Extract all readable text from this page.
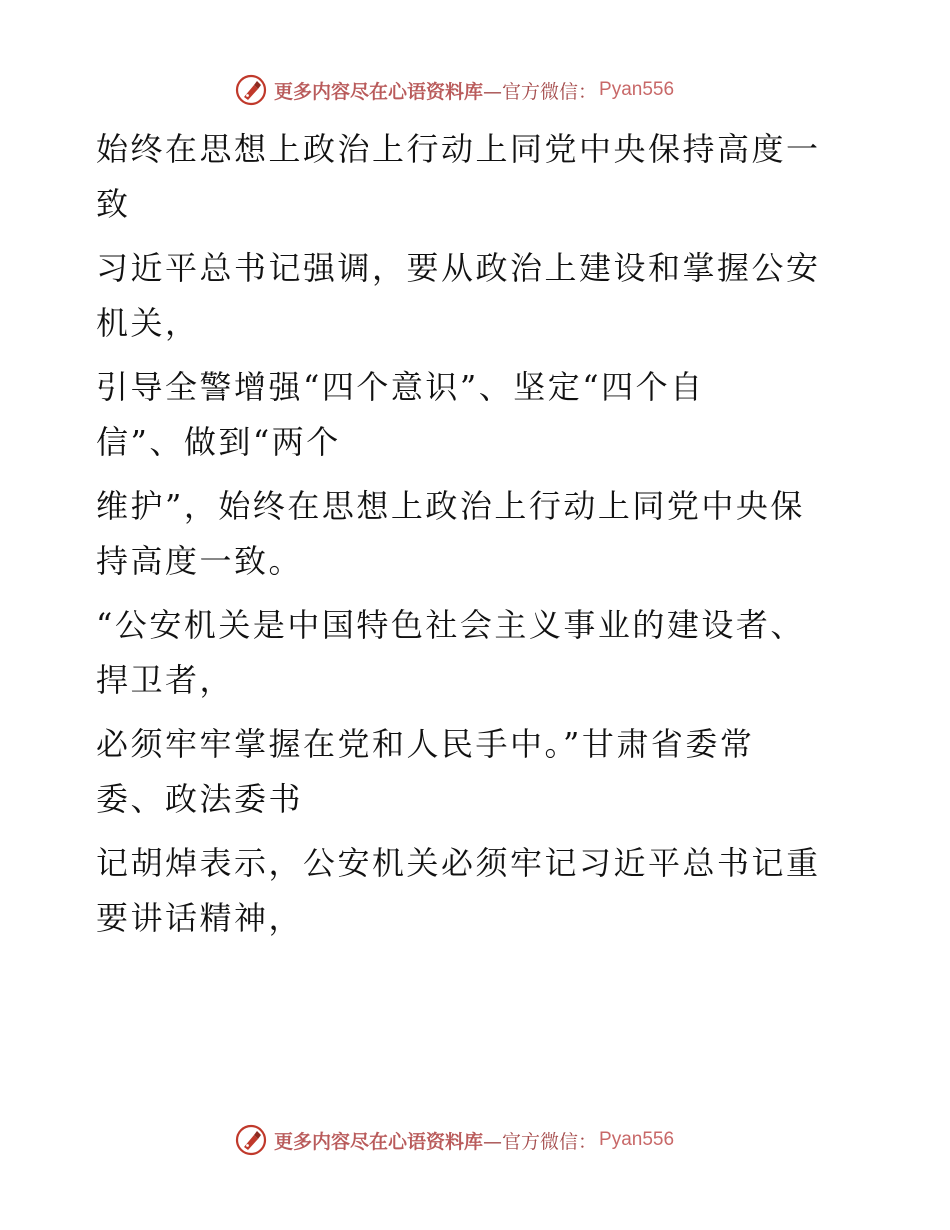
更多内容尽在心语资料库 —官方微信： Pyan556

始终在思想上政治上行动上同党中央保持高度一
致

习近平总书记强调，要从政治上建设和掌握公安
机关，

引导全警增强“四个意识”、坚定“四个自
信”、做到“两个

维护”，始终在思想上政治上行动上同党中央保
持高度一致。

“公安机关是中国特色社会主义事业的建设者、
捍卫者，

必须牢牢掌握在党和人民手中。”甘肃省委常
委、政法委书

记胡焯表示，公安机关必须牢记习近平总书记重
要讲话精神，

更多内容尽在心语资料库 —官方微信： Pyan556
